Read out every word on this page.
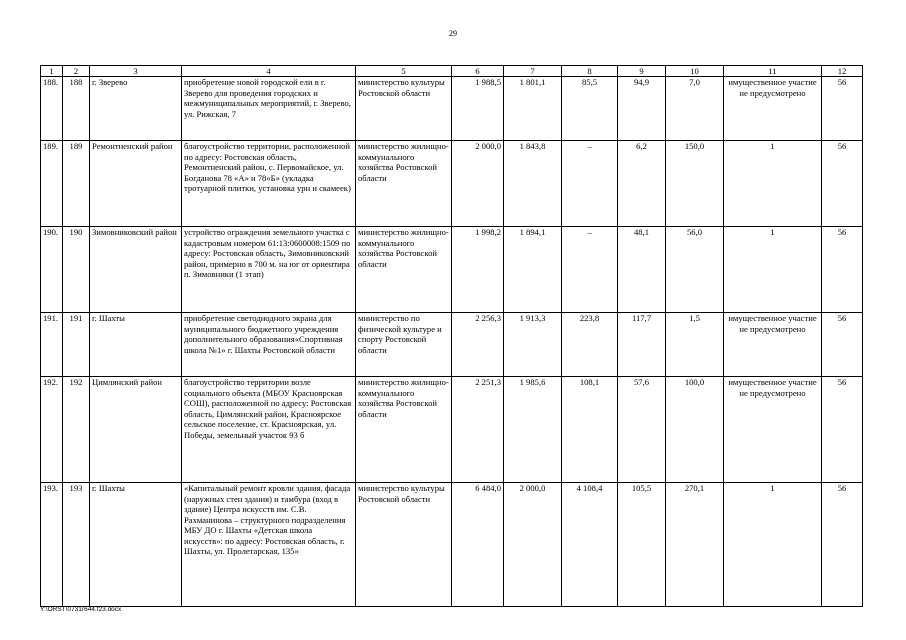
29
1	2	3	4	5	6	7	8	9	10	11	12
188.	188	г. Зверево	приобретение новой городской ели в г. Зверево для проведения городских и межмуниципальных мероприятий, г. Зверево, ул. Рижская, 7	министерство культуры Ростовской области	1 988,5	1 801,1	85,5	94,9	7,0	имущественное участие не предусмотрено	56
189.	189	Ремонтненский район	благоустройство территории, расположенной по адресу: Ростовская область, Ремонтненский район, с. Первомайское, ул. Богданова 78 «А» и 78«Б» (укладка тротуарной плитки, установка урн и скамеек)	министерство жилищно-коммунального хозяйства Ростовской области	2 000,0	1 843,8	–	6,2	150,0	1	56
190.	190	Зимовниковский район	устройство ограждения земельного участка с кадастровым номером 61:13:0600008:1509 по адресу: Ростовская область, Зимовниковский район, примерно в 700 м. на юг от ориентира п. Зимовники (1 этап)	министерство жилищно-коммунального хозяйства Ростовской области	1 998,2	1 894,1	–	48,1	56,0	1	56
191.	191	г. Шахты	приобретение светодиодного экрана для муниципального бюджетного учреждения дополнительного образования«Спортивная школа №1» г. Шахты Ростовской области	министерство по физической культуре и спорту Ростовской области	2 256,3	1 913,3	223,8	117,7	1,5	имущественное участие не предусмотрено	56
192.	192	Цимлянский район	благоустройство территории возле социального объекта (МБОУ Красноярская СОШ), расположенной по адресу: Ростовская область, Цимлянский район, Красноярское сельское поселение, ст. Красноярская, ул. Победы, земельный участок 93 б	министерство жилищно-коммунального хозяйства Ростовской области	2 251,3	1 985,6	108,1	57,6	100,0	имущественное участие не предусмотрено	56
193.	193	г. Шахты	«Капитальный ремонт кровли здания, фасада (наружных стен здания) и тамбура (вход в здание) Центра искусств им. С.В. Рахманинова – структурного подразделения МБУ ДО г. Шахты «Детская школа искусств»: по адресу: Ростовская область, г. Шахты, ул. Пролетарская, 135»	министерство культуры Ростовской области	6 484,0	2 000,0	4 108,4	105,5	270,1	1	56
Y:\ORST\0731r644.f23.docx
